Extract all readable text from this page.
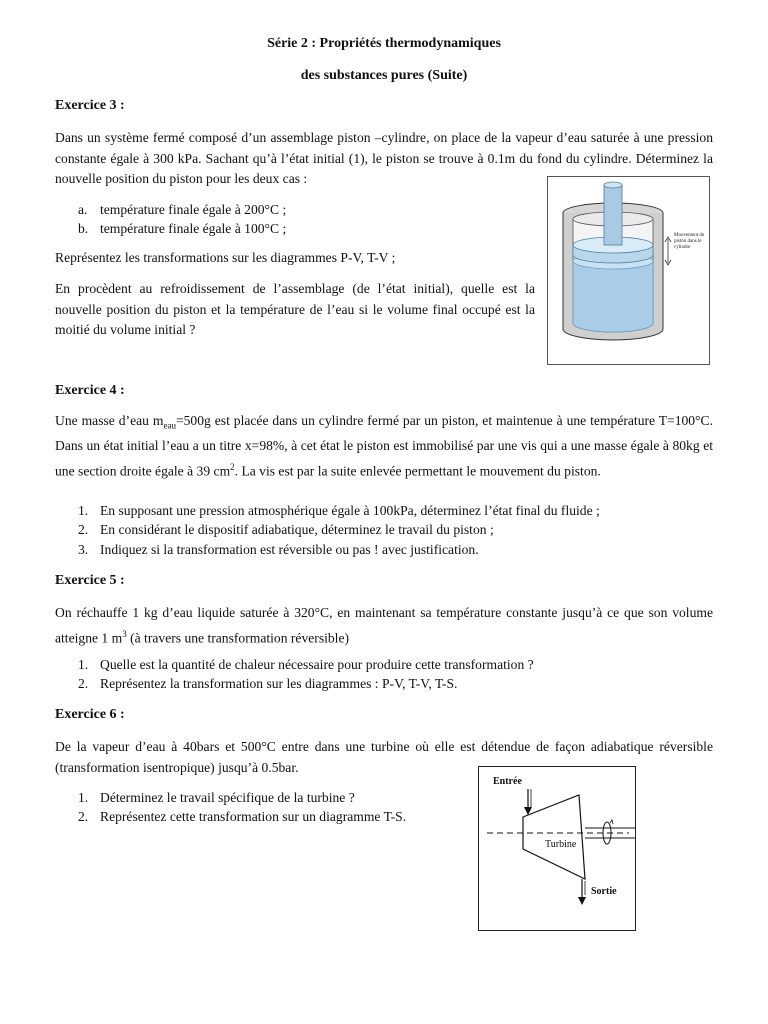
Série 2 : Propriétés thermodynamiques
des substances pures (Suite)
Exercice 3 :
Dans un système fermé composé d’un assemblage piston –cylindre, on place de la vapeur d’eau saturée à une pression constante égale à 300 kPa. Sachant qu’à l’état initial (1), le piston se trouve à 0.1m du fond du cylindre. Déterminez la nouvelle position du piston pour les deux cas :
a. température finale égale à 200°C ;
b. température finale égale à 100°C ;
Représentez les transformations sur les diagrammes P-V, T-V ;
En procèdent au refroidissement de l’assemblage (de l’état initial), quelle est la nouvelle position du piston et la température de l’eau si le volume final occupé est la moitié du volume initial ?
Mouvement du piston dans le cylindre
Exercice 4 :
Une masse d’eau $m_{eau}=500g$ est placée dans un cylindre fermé par un piston, et maintenue à une température T=100°C. Dans un état initial l’eau a un titre x=98%, à cet état le piston est immobilisé par une vis qui a une masse égale à 80kg et une section droite égale à 39 $cm^2$. La vis est par la suite enlevée permettant le mouvement du piston.
1. En supposant une pression atmosphérique égale à 100kPa, déterminez l’état final du fluide ;
2. En considérant le dispositif adiabatique, déterminez le travail du piston ;
3. Indiquez si la transformation est réversible ou pas ! avec justification.
Exercice 5 :
On réchauffe 1 kg d’eau liquide saturée à 320°C, en maintenant sa température constante jusqu’à ce que son volume atteigne 1 $m^3$ (à travers une transformation réversible)
1. Quelle est la quantité de chaleur nécessaire pour produire cette transformation ?
2. Représentez la transformation sur les diagrammes : P-V, T-V, T-S.
Exercice 6 :
De la vapeur d’eau à 40bars et 500°C entre dans une turbine où elle est détendue de façon adiabatique réversible (transformation isentropique) jusqu’à 0.5bar.
1. Déterminez le travail spécifique de la turbine ?
2. Représentez cette transformation sur un diagramme T-S.
Entrée
Turbine
Sortie
